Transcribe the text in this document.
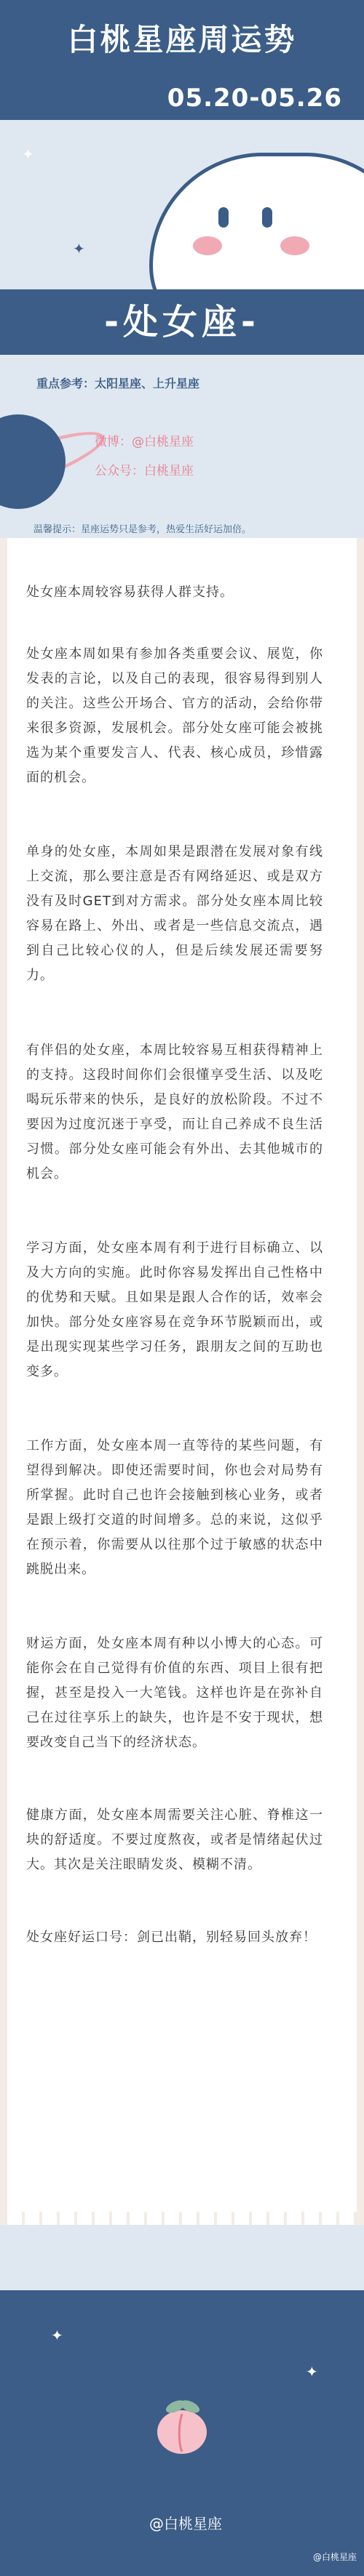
白桃星座周运势
05.20-05.26
✦
✦
-处女座-
重点参考：太阳星座、上升星座
微博：@白桃星座
公众号：白桃星座
温馨提示：星座运势只是参考，热爱生活好运加倍。

处女座本周较容易获得人群支持。

处女座本周如果有参加各类重要会议、展览，你发表的言论，以及自己的表现，很容易得到别人的关注。这些公开场合、官方的活动，会给你带来很多资源，发展机会。部分处女座可能会被挑选为某个重要发言人、代表、核心成员，珍惜露面的机会。

单身的处女座，本周如果是跟潜在发展对象有线上交流，那么要注意是否有网络延迟、或是双方没有及时GET到对方需求。部分处女座本周比较容易在路上、外出、或者是一些信息交流点，遇到自己比较心仪的人，但是后续发展还需要努力。

有伴侣的处女座，本周比较容易互相获得精神上的支持。这段时间你们会很懂享受生活、以及吃喝玩乐带来的快乐，是良好的放松阶段。不过不要因为过度沉迷于享受，而让自己养成不良生活习惯。部分处女座可能会有外出、去其他城市的机会。

学习方面，处女座本周有利于进行目标确立、以及大方向的实施。此时你容易发挥出自己性格中的优势和天赋。且如果是跟人合作的话，效率会加快。部分处女座容易在竞争环节脱颖而出，或是出现实现某些学习任务，跟朋友之间的互助也变多。

工作方面，处女座本周一直等待的某些问题，有望得到解决。即使还需要时间，你也会对局势有所掌握。此时自己也许会接触到核心业务，或者是跟上级打交道的时间增多。总的来说，这似乎在预示着，你需要从以往那个过于敏感的状态中跳脱出来。

财运方面，处女座本周有种以小博大的心态。可能你会在自己觉得有价值的东西、项目上很有把握，甚至是投入一大笔钱。这样也许是在弥补自己在过往享乐上的缺失，也许是不安于现状，想要改变自己当下的经济状态。

健康方面，处女座本周需要关注心脏、脊椎这一块的舒适度。不要过度熬夜，或者是情绪起伏过大。其次是关注眼睛发炎、模糊不清。

处女座好运口号：剑已出鞘，别轻易回头放弃！

✦
✦
@白桃星座
@白桃星座
